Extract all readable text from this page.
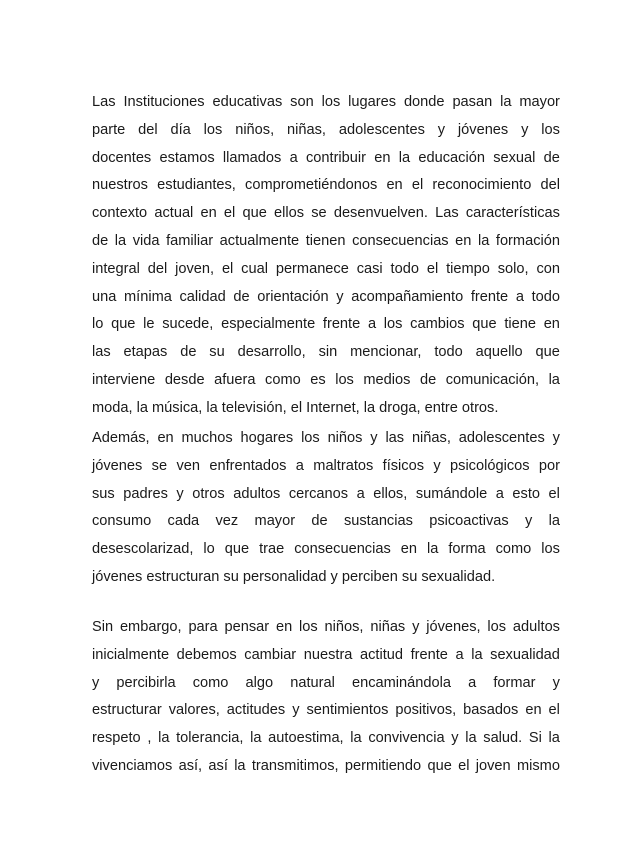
Las Instituciones educativas son los lugares donde pasan la mayor
parte del día los niños, niñas, adolescentes y jóvenes y los
docentes estamos llamados a contribuir en la educación sexual de
nuestros estudiantes, comprometiéndonos en el reconocimiento del
contexto actual en el que ellos se desenvuelven. Las características
de la vida familiar actualmente tienen consecuencias en la formación
integral del joven, el cual permanece casi todo el tiempo solo, con
una mínima calidad de orientación y acompañamiento frente a todo
lo que le sucede, especialmente frente a los cambios que tiene en
las etapas de su desarrollo, sin mencionar, todo aquello que
interviene desde afuera como es los medios de comunicación, la
moda, la música, la televisión, el Internet, la droga, entre otros.
Además, en muchos hogares los niños y las niñas, adolescentes y
jóvenes se ven enfrentados a maltratos físicos y psicológicos por
sus padres y otros adultos cercanos a ellos, sumándole a esto el
consumo cada vez mayor de sustancias psicoactivas y la
desescolarizad, lo que trae consecuencias en la forma como los
jóvenes estructuran su personalidad y perciben su sexualidad.
Sin embargo, para pensar en los niños, niñas y jóvenes, los adultos
inicialmente debemos cambiar nuestra actitud frente a la sexualidad
y percibirla como algo natural encaminándola a formar y
estructurar valores, actitudes y sentimientos positivos, basados en el
respeto , la tolerancia, la autoestima, la convivencia y la salud. Si la
vivenciamos así, así la transmitimos, permitiendo que el joven mismo
